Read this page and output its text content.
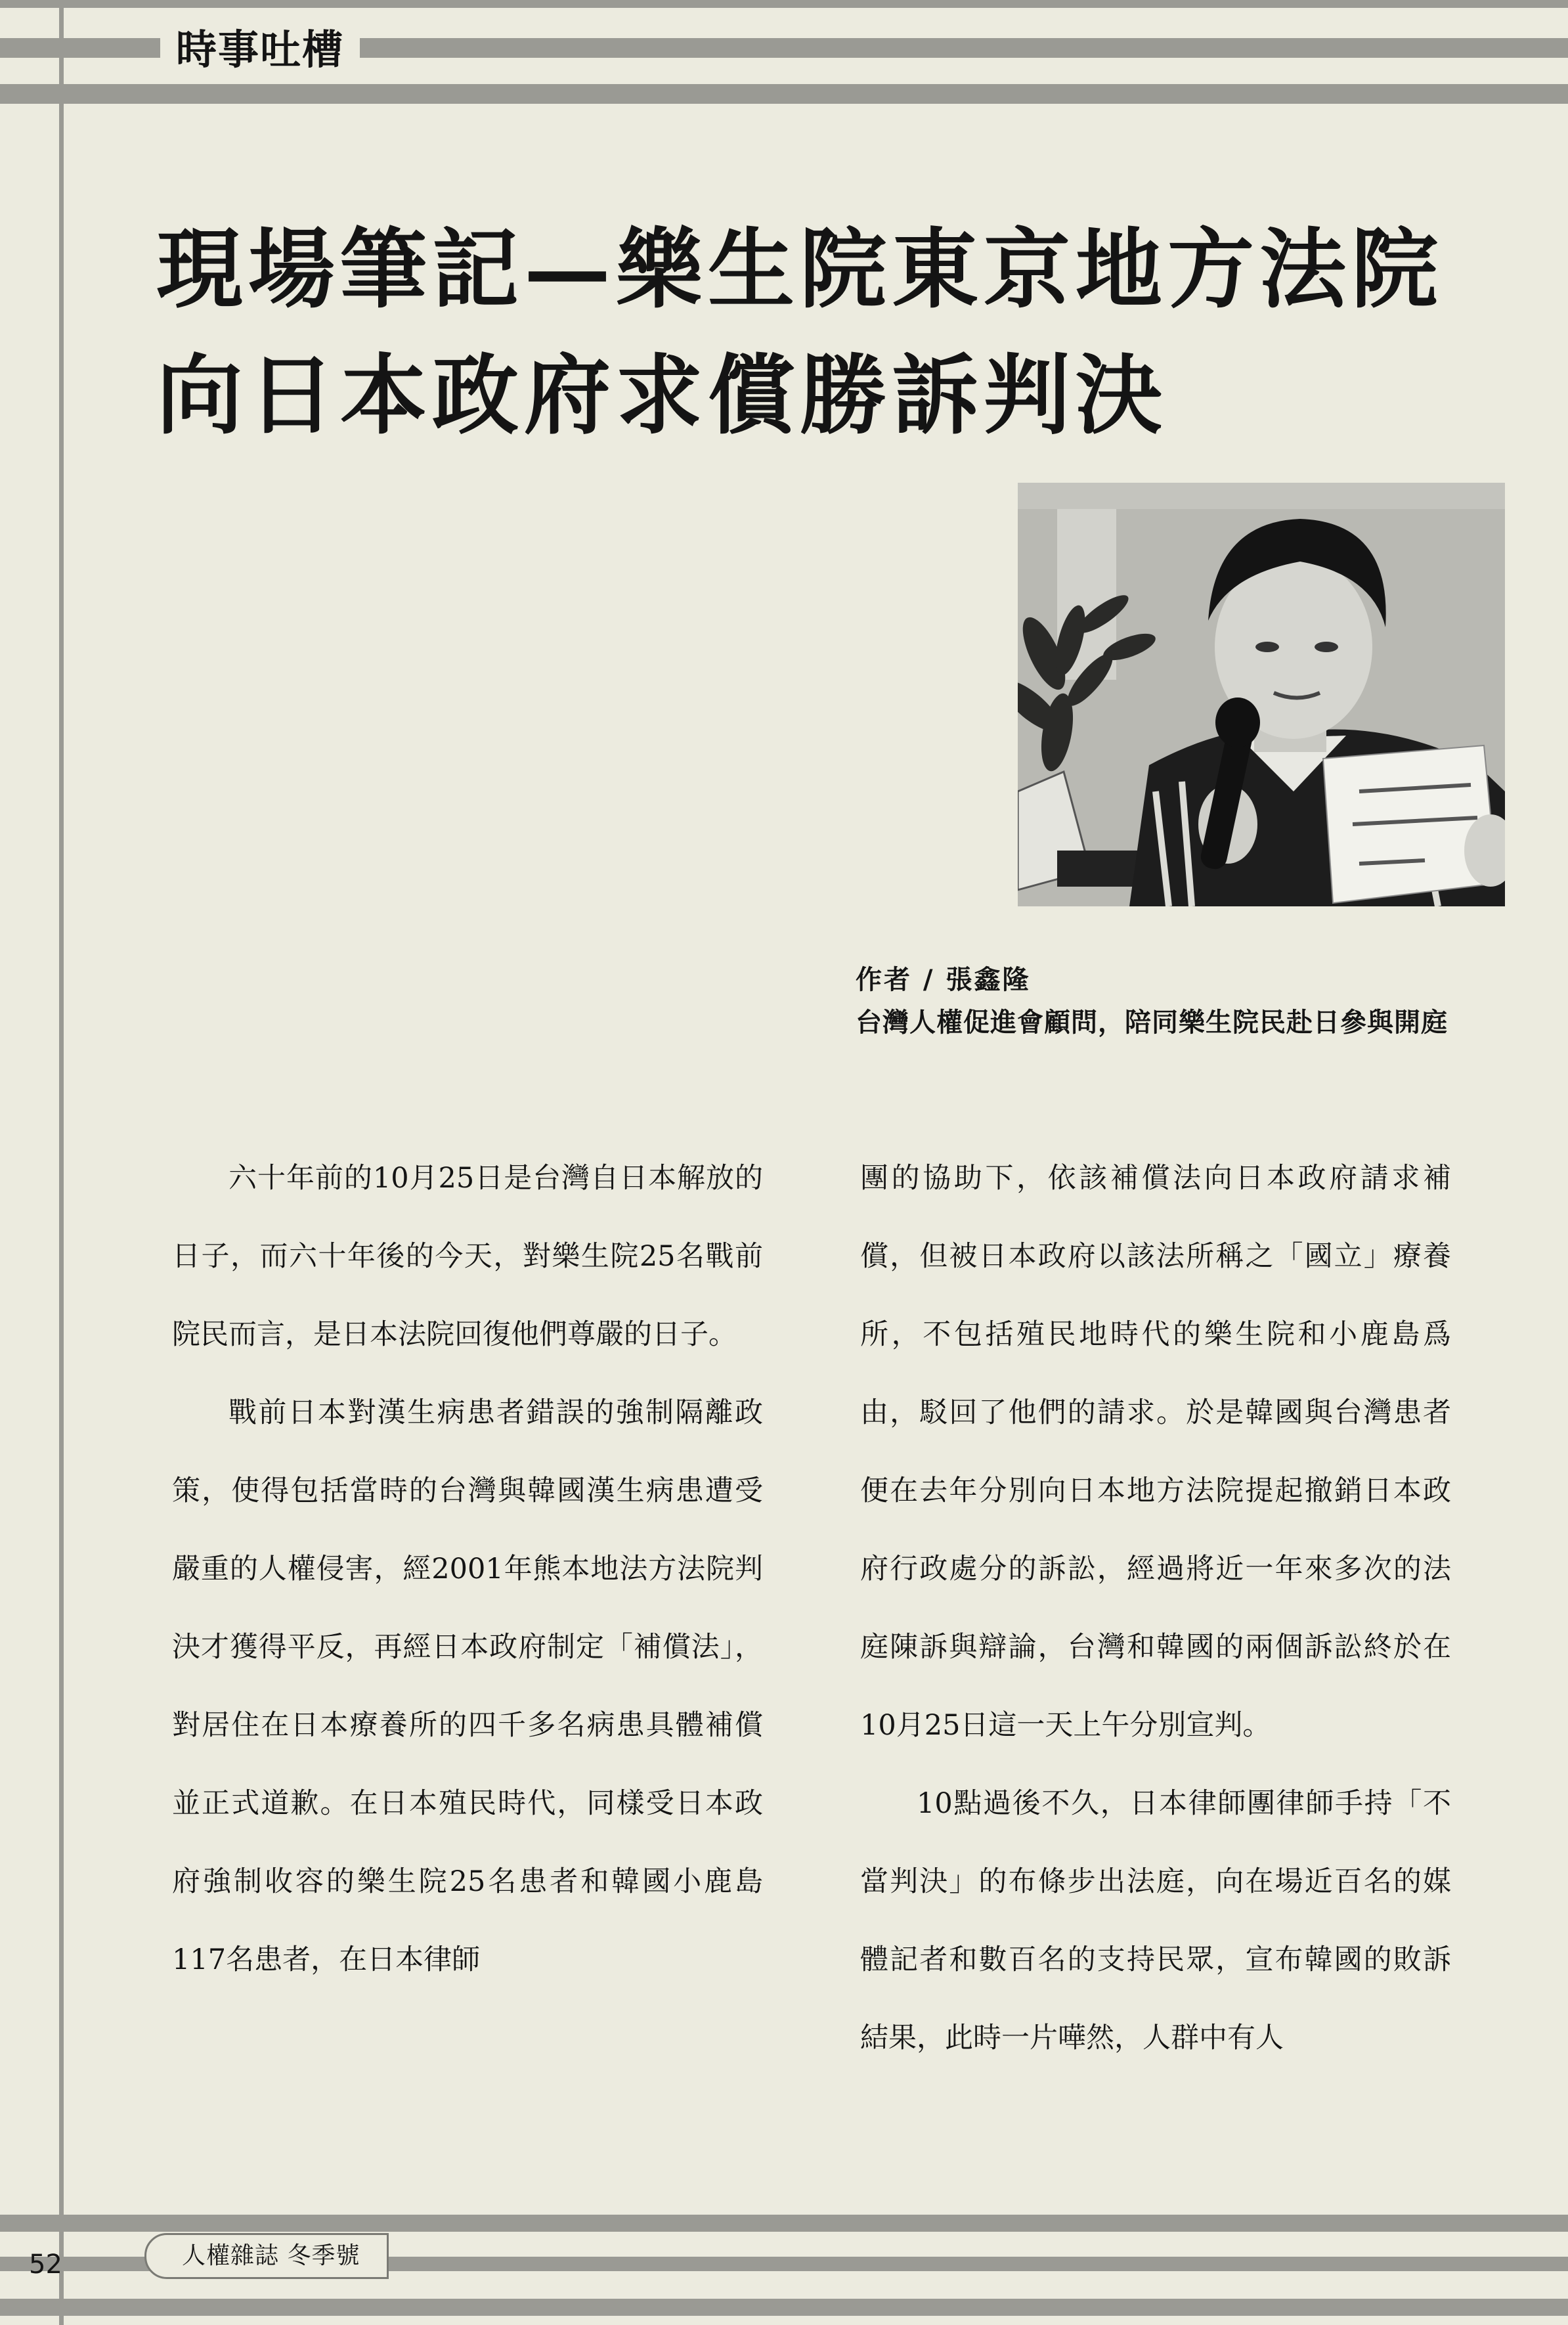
時事吐槽
現場筆記—樂生院東京地方法院
向日本政府求償勝訴判決
作者 / 張鑫隆
台灣人權促進會顧問，陪同樂生院民赴日參與開庭

六十年前的10月25日是台灣自日本解放的日子，而六十年後的今天，對樂生院25名戰前院民而言，是日本法院回復他們尊嚴的日子。

戰前日本對漢生病患者錯誤的強制隔離政策，使得包括當時的台灣與韓國漢生病患遭受嚴重的人權侵害，經2001年熊本地法方法院判決才獲得平反，再經日本政府制定「補償法」，對居住在日本療養所的四千多名病患具體補償並正式道歉。在日本殖民時代，同樣受日本政府強制收容的樂生院25名患者和韓國小鹿島117名患者，在日本律師

團的協助下，依該補償法向日本政府請求補償，但被日本政府以該法所稱之「國立」療養所，不包括殖民地時代的樂生院和小鹿島爲由，駁回了他們的請求。於是韓國與台灣患者便在去年分別向日本地方法院提起撤銷日本政府行政處分的訴訟，經過將近一年來多次的法庭陳訴與辯論，台灣和韓國的兩個訴訟終於在10月25日這一天上午分別宣判。

10點過後不久，日本律師團律師手持「不當判決」的布條步出法庭，向在場近百名的媒體記者和數百名的支持民眾，宣布韓國的敗訴結果，此時一片嘩然，人群中有人

52	人權雜誌 冬季號
